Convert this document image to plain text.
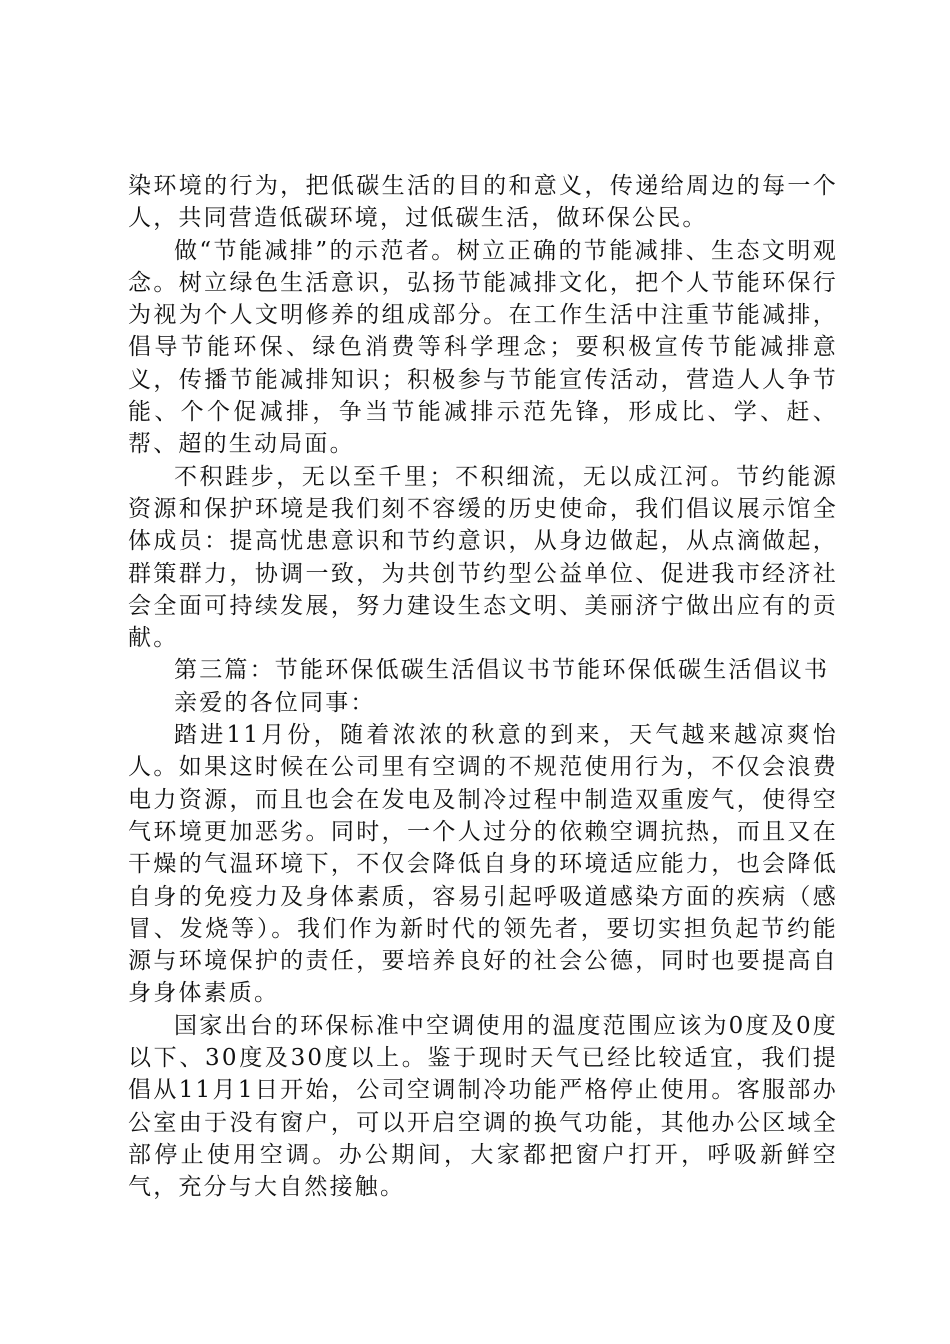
染环境的行为，把低碳生活的目的和意义，传递给周边的每一个人，共同营造低碳环境，过低碳生活，做环保公民。

做“节能减排”的示范者。树立正确的节能减排、生态文明观念。树立绿色生活意识，弘扬节能减排文化，把个人节能环保行为视为个人文明修养的组成部分。在工作生活中注重节能减排，倡导节能环保、绿色消费等科学理念；要积极宣传节能减排意义，传播节能减排知识；积极参与节能宣传活动，营造人人争节能、个个促减排，争当节能减排示范先锋，形成比、学、赶、帮、超的生动局面。

不积跬步，无以至千里；不积细流，无以成江河。节约能源资源和保护环境是我们刻不容缓的历史使命，我们倡议展示馆全体成员：提高忧患意识和节约意识，从身边做起，从点滴做起，群策群力，协调一致，为共创节约型公益单位、促进我市经济社会全面可持续发展，努力建设生态文明、美丽济宁做出应有的贡献。

第三篇：节能环保低碳生活倡议书节能环保低碳生活倡议书

亲爱的各位同事：

踏进11月份，随着浓浓的秋意的到来，天气越来越凉爽怡人。如果这时候在公司里有空调的不规范使用行为，不仅会浪费电力资源，而且也会在发电及制冷过程中制造双重废气，使得空气环境更加恶劣。同时，一个人过分的依赖空调抗热，而且又在干燥的气温环境下，不仅会降低自身的环境适应能力，也会降低自身的免疫力及身体素质，容易引起呼吸道感染方面的疾病（感冒、发烧等）。我们作为新时代的领先者，要切实担负起节约能源与环境保护的责任，要培养良好的社会公德，同时也要提高自身身体素质。

国家出台的环保标准中空调使用的温度范围应该为0度及0度以下、30度及30度以上。鉴于现时天气已经比较适宜，我们提倡从11月1日开始，公司空调制冷功能严格停止使用。客服部办公室由于没有窗户，可以开启空调的换气功能，其他办公区域全部停止使用空调。办公期间，大家都把窗户打开，呼吸新鲜空气，充分与大自然接触。
